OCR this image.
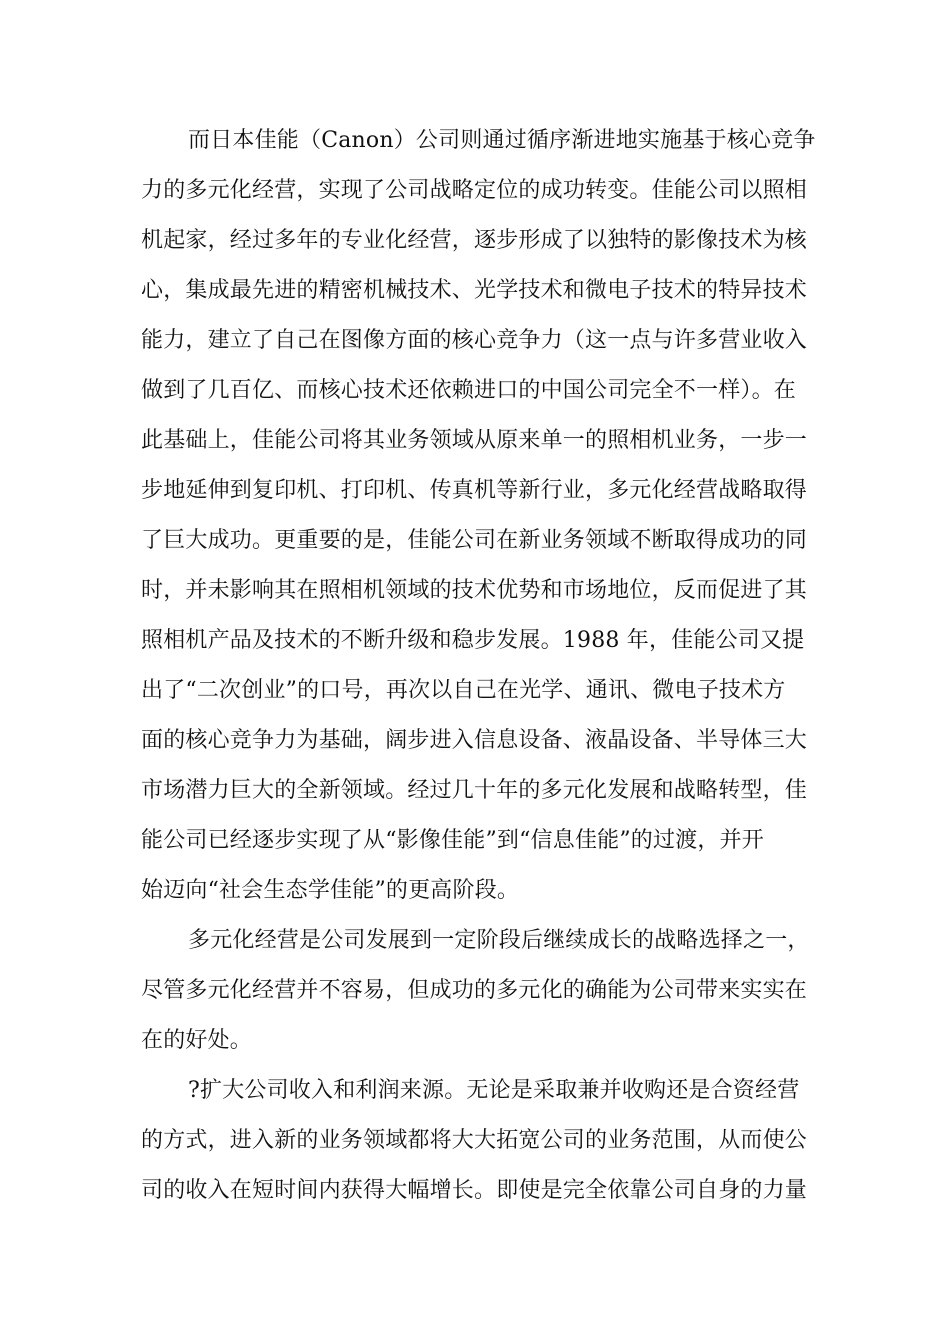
而日本佳能（Canon）公司则通过循序渐进地实施基于核心竞争
力的多元化经营，实现了公司战略定位的成功转变。佳能公司以照相
机起家，经过多年的专业化经营，逐步形成了以独特的影像技术为核
心，集成最先进的精密机械技术、光学技术和微电子技术的特异技术
能力，建立了自己在图像方面的核心竞争力（这一点与许多营业收入
做到了几百亿、而核心技术还依赖进口的中国公司完全不一样）。在
此基础上，佳能公司将其业务领域从原来单一的照相机业务，一步一
步地延伸到复印机、打印机、传真机等新行业，多元化经营战略取得
了巨大成功。更重要的是，佳能公司在新业务领域不断取得成功的同
时，并未影响其在照相机领域的技术优势和市场地位，反而促进了其
照相机产品及技术的不断升级和稳步发展。1988 年，佳能公司又提
出了“二次创业”的口号，再次以自己在光学、通讯、微电子技术方
面的核心竞争力为基础，阔步进入信息设备、液晶设备、半导体三大
市场潜力巨大的全新领域。经过几十年的多元化发展和战略转型，佳
能公司已经逐步实现了从“影像佳能”到“信息佳能”的过渡，并开
始迈向“社会生态学佳能”的更高阶段。
多元化经营是公司发展到一定阶段后继续成长的战略选择之一，
尽管多元化经营并不容易，但成功的多元化的确能为公司带来实实在
在的好处。
?扩大公司收入和利润来源。无论是采取兼并收购还是合资经营
的方式，进入新的业务领域都将大大拓宽公司的业务范围，从而使公
司的收入在短时间内获得大幅增长。即使是完全依靠公司自身的力量
